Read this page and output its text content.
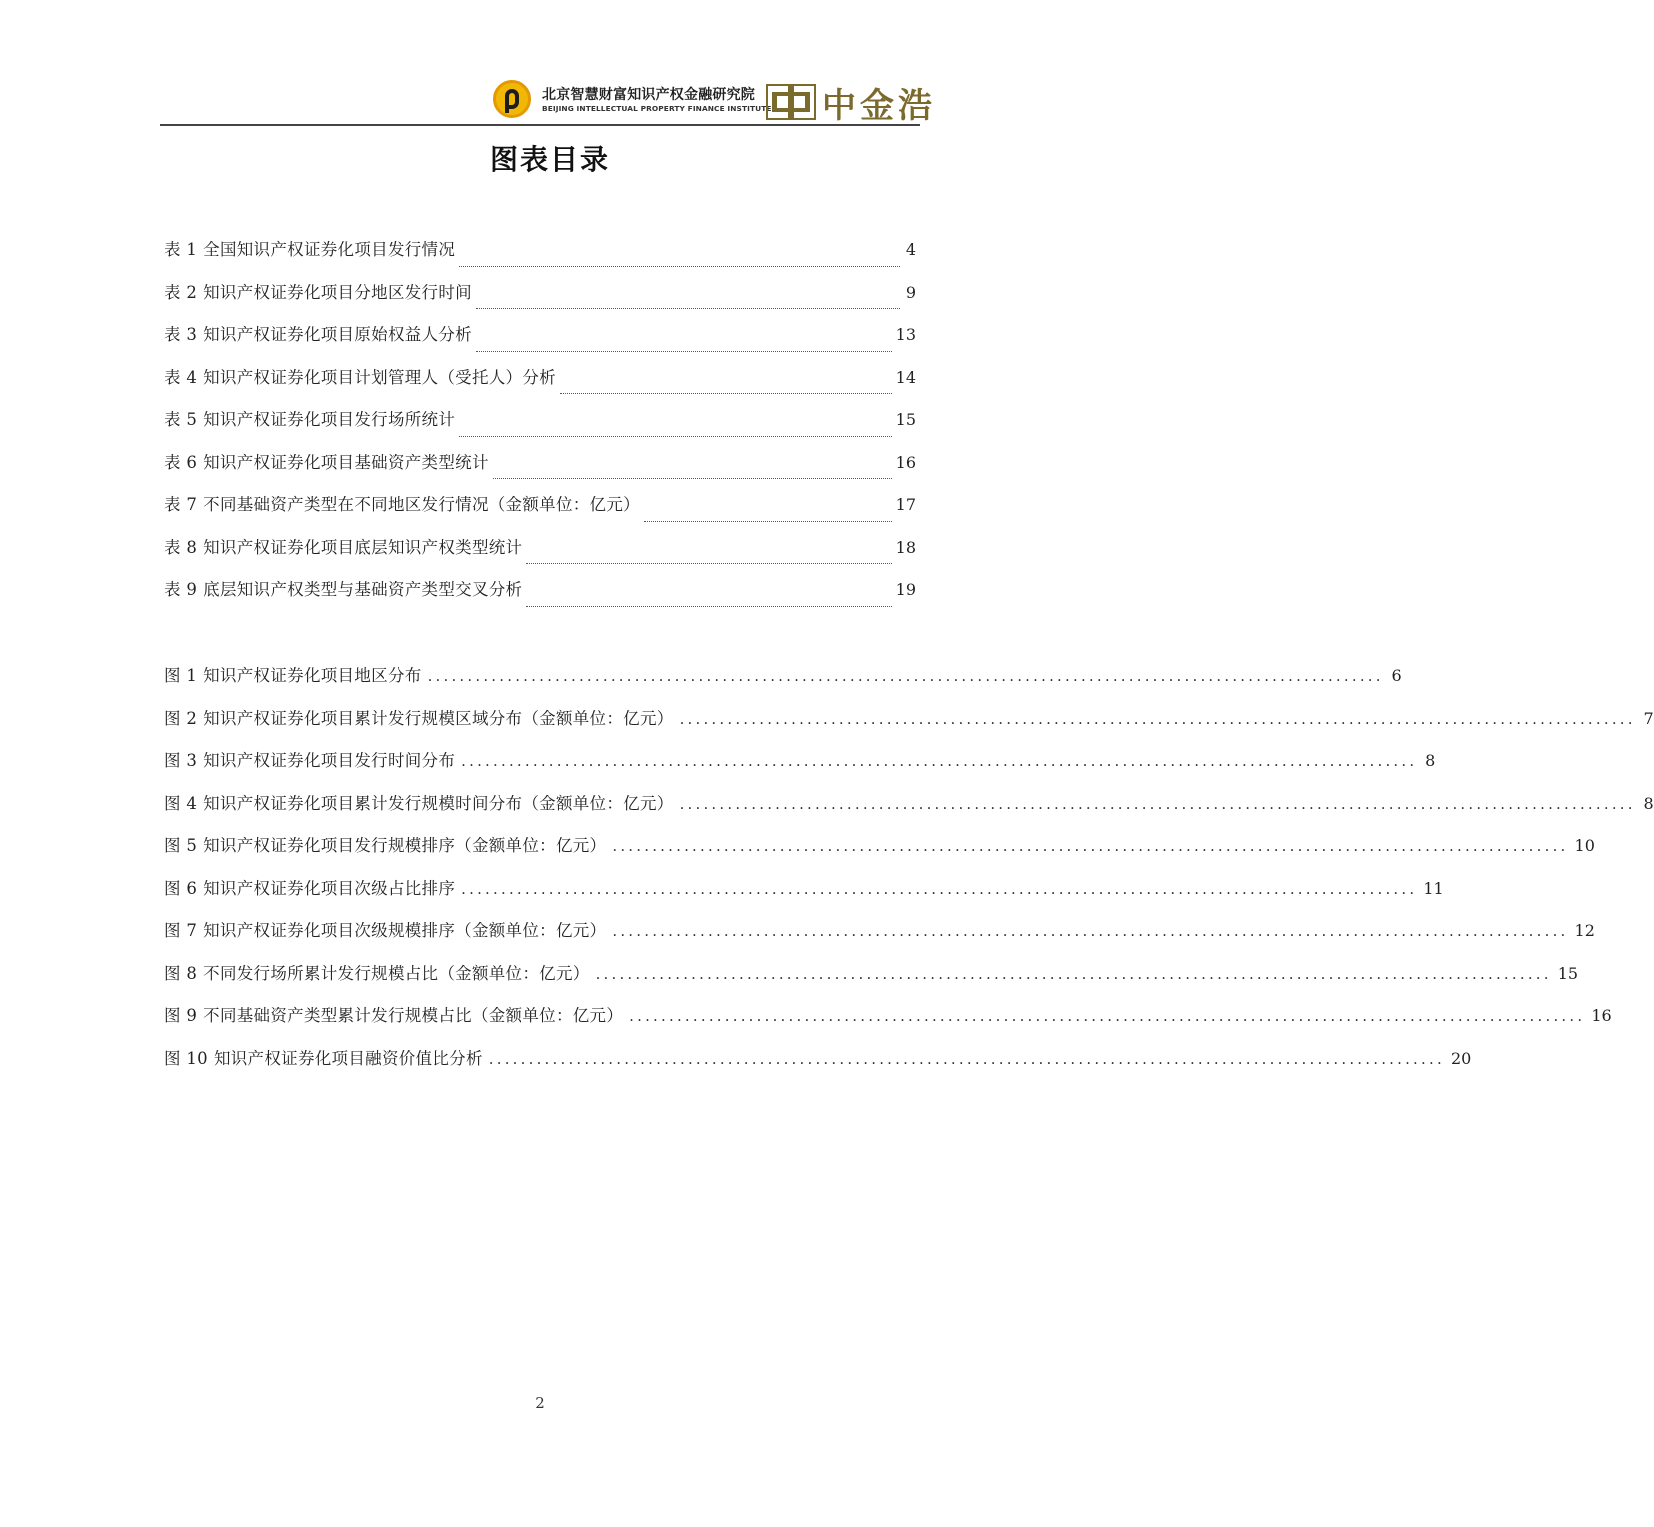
北京智慧财富知识产权金融研究院
BEIJING INTELLECTUAL PROPERTY FINANCE INSTITUTE 中金浩
图表目录
表 1 全国知识产权证券化项目发行情况	4
表 2 知识产权证券化项目分地区发行时间	9
表 3 知识产权证券化项目原始权益人分析	13
表 4 知识产权证券化项目计划管理人（受托人）分析	14
表 5 知识产权证券化项目发行场所统计	15
表 6 知识产权证券化项目基础资产类型统计	16
表 7 不同基础资产类型在不同地区发行情况（金额单位：亿元）	17
表 8 知识产权证券化项目底层知识产权类型统计	18
表 9 底层知识产权类型与基础资产类型交叉分析	19
图 1 知识产权证券化项目地区分布 ........................................................................................................................ 6
图 2 知识产权证券化项目累计发行规模区域分布（金额单位：亿元） ........................................................................................................................ 7
图 3 知识产权证券化项目发行时间分布 ........................................................................................................................ 8
图 4 知识产权证券化项目累计发行规模时间分布（金额单位：亿元） ........................................................................................................................ 8
图 5 知识产权证券化项目发行规模排序（金额单位：亿元） ........................................................................................................................ 10
图 6 知识产权证券化项目次级占比排序 ........................................................................................................................ 11
图 7 知识产权证券化项目次级规模排序（金额单位：亿元） ........................................................................................................................ 12
图 8 不同发行场所累计发行规模占比（金额单位：亿元） ........................................................................................................................ 15
图 9 不同基础资产类型累计发行规模占比（金额单位：亿元） ........................................................................................................................ 16
图 10 知识产权证券化项目融资价值比分析 ........................................................................................................................ 20
2
